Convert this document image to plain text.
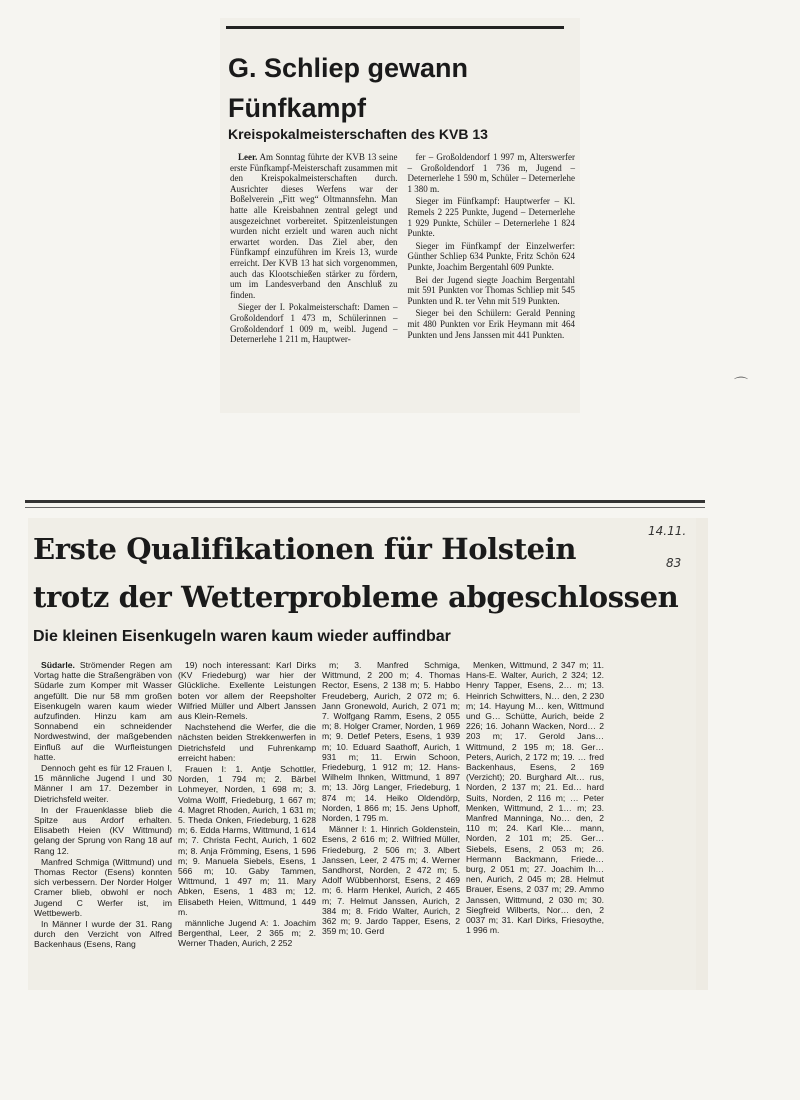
G. Schliep gewann Fünfkampf
Kreispokalmeisterschaften des KVB 13

Leer. Am Sonntag führte der KVB 13 seine erste Fünfkampf-Meisterschaft zusammen mit den Kreispokalmeisterschaften durch. Ausrichter dieses Werfens war der Boßelverein „Fitt weg“ Oltmannsfehn. Man hatte alle Kreisbahnen zentral gelegt und ausgezeichnet vorbereitet. Spitzenleistungen wurden nicht erzielt und waren auch nicht erwartet worden. Das Ziel aber, den Fünfkampf einzuführen im Kreis 13, wurde erreicht. Der KVB 13 hat sich vorgenommen, auch das Klootschießen stärker zu fördern, um im Landesverband den Anschluß zu finden.

Sieger der I. Pokalmeisterschaft: Damen – Großoldendorf 1 473 m, Schülerinnen – Großoldendorf 1 009 m, weibl. Jugend – Deternerlehe 1 211 m, Hauptwer-

fer – Großoldendorf 1 997 m, Alterswerfer – Großoldendorf 1 736 m, Jugend – Deternerlehe 1 590 m, Schüler – Deternerlehe 1 380 m.

Sieger im Fünfkampf: Hauptwerfer – Kl. Remels 2 225 Punkte, Jugend – Deternerlehe 1 929 Punkte, Schüler – Deternerlehe 1 824 Punkte.

Sieger im Fünfkampf der Einzelwerfer: Günther Schliep 634 Punkte, Fritz Schön 624 Punkte, Joachim Bergentahl 609 Punkte.

Bei der Jugend siegte Joachim Bergentahl mit 591 Punkten vor Thomas Schliep mit 545 Punkten und R. ter Vehn mit 519 Punkten.

Sieger bei den Schülern: Gerald Penning mit 480 Punkten vor Erik Heymann mit 464 Punkten und Jens Janssen mit 441 Punkten.

⌒
Erste Qualifikationen für Holstein
trotz der Wetterprobleme abgeschlossen
14.11.
83
Die kleinen Eisenkugeln waren kaum wieder auffindbar

Südarle. Strömender Regen am Vortag hatte die Straßengräben von Südarle zum Komper mit Wasser angefüllt. Die nur 58 mm großen Eisenkugeln waren kaum wieder aufzufinden. Hinzu kam am Sonnabend ein schneidender Nordwestwind, der maßgebenden Einfluß auf die Wurfleistungen hatte.

Dennoch geht es für 12 Frauen I, 15 männliche Jugend I und 30 Männer I am 17. Dezember in Dietrichsfeld weiter.

In der Frauenklasse blieb die Spitze aus Ardorf erhalten. Elisabeth Heien (KV Wittmund) gelang der Sprung von Rang 18 auf Rang 12.

Manfred Schmiga (Wittmund) und Thomas Rector (Esens) konnten sich verbessern. Der Norder Holger Cramer blieb, obwohl er noch Jugend C Werfer ist, im Wettbewerb.

In Männer I wurde der 31. Rang durch den Verzicht von Alfred Backenhaus (Esens, Rang

19) noch interessant: Karl Dirks (KV Friedeburg) war hier der Glückliche. Exellente Leistungen boten vor allem der Reepsholter Wilfried Müller und Albert Janssen aus Klein-Remels.

Nachstehend die Werfer, die die nächsten beiden Strekkenwerfen in Dietrichsfeld und Fuhrenkamp erreicht haben:

Frauen I: 1. Antje Schottler, Norden, 1 794 m; 2. Bärbel Lohmeyer, Norden, 1 698 m; 3. Volma Wolff, Friedeburg, 1 667 m; 4. Magret Rhoden, Aurich, 1 631 m; 5. Theda Onken, Friedeburg, 1 628 m; 6. Edda Harms, Wittmund, 1 614 m; 7. Christa Fecht, Aurich, 1 602 m; 8. Anja Frömming, Esens, 1 596 m; 9. Manuela Siebels, Esens, 1 566 m; 10. Gaby Tammen, Wittmund, 1 497 m; 11. Mary Abken, Esens, 1 483 m; 12. Elisabeth Heien, Wittmund, 1 449 m.

männliche Jugend A: 1. Joachim Bergenthal, Leer, 2 365 m; 2. Werner Thaden, Aurich, 2 252

m; 3. Manfred Schmiga, Wittmund, 2 200 m; 4. Thomas Rector, Esens, 2 138 m; 5. Habbo Freudeberg, Aurich, 2 072 m; 6. Jann Gronewold, Aurich, 2 071 m; 7. Wolfgang Ramm, Esens, 2 055 m; 8. Holger Cramer, Norden, 1 969 m; 9. Detlef Peters, Esens, 1 939 m; 10. Eduard Saathoff, Aurich, 1 931 m; 11. Erwin Schoon, Friedeburg, 1 912 m; 12. Hans-Wilhelm Ihnken, Wittmund, 1 897 m; 13. Jörg Langer, Friedeburg, 1 874 m; 14. Heiko Oldendörp, Norden, 1 866 m; 15. Jens Uphoff, Norden, 1 795 m.

Männer I: 1. Hinrich Goldenstein, Esens, 2 616 m; 2. Wilfried Müller, Friedeburg, 2 506 m; 3. Albert Janssen, Leer, 2 475 m; 4. Werner Sandhorst, Norden, 2 472 m; 5. Adolf Wübbenhorst, Esens, 2 469 m; 6. Harm Henkel, Aurich, 2 465 m; 7. Helmut Janssen, Aurich, 2 384 m; 8. Frido Walter, Aurich, 2 362 m; 9. Jardo Tapper, Esens, 2 359 m; 10. Gerd

Menken, Wittmund, 2 347 m; 11. Hans-E. Walter, Aurich, 2 324; 12. Henry Tapper, Esens, 2… m; 13. Heinrich Schwitters, N… den, 2 230 m; 14. Hayung M… ken, Wittmund und G… Schütte, Aurich, beide 2 226; 16. Johann Wacken, Nord… 2 203 m; 17. Gerold Jans… Wittmund, 2 195 m; 18. Ger… Peters, Aurich, 2 172 m; 19. … fred Backenhaus, Esens, 2 169 (Verzicht); 20. Burghard Alt… rus, Norden, 2 137 m; 21. Ed… hard Suits, Norden, 2 116 m; … Peter Menken, Wittmund, 2 1… m; 23. Manfred Manninga, No… den, 2 110 m; 24. Karl Kle… mann, Norden, 2 101 m; 25. Ger… Siebels, Esens, 2 053 m; 26. Hermann Backmann, Friede… burg, 2 051 m; 27. Joachim Ih… nen, Aurich, 2 045 m; 28. Helmut Brauer, Esens, 2 037 m; 29. Ammo Janssen, Wittmund, 2 030 m; 30. Siegfreid Wilberts, Nor… den, 2 0037 m; 31. Karl Dirks, Friesoythe, 1 996 m.
